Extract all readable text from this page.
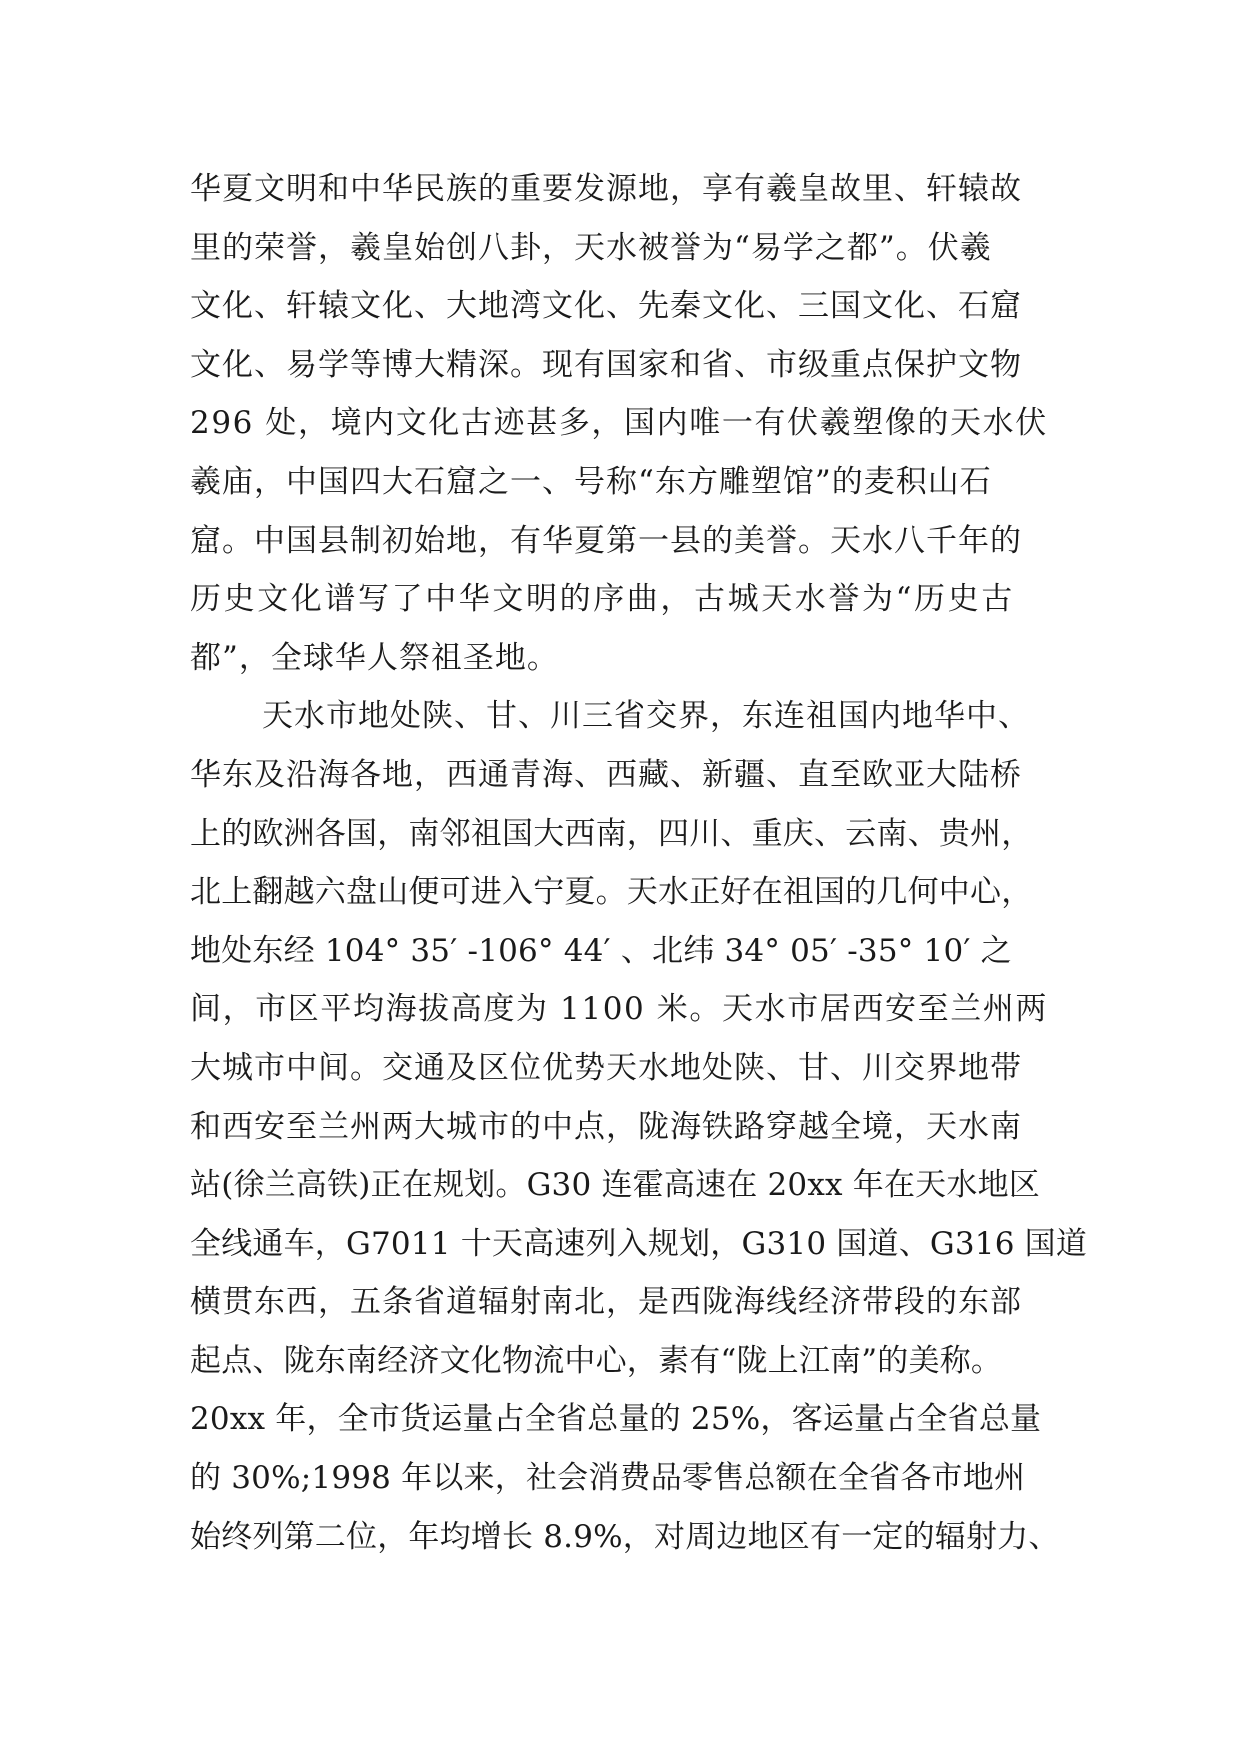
华夏文明和中华民族的重要发源地，享有羲皇故里、轩辕故
里的荣誉，羲皇始创八卦，天水被誉为“易学之都”。伏羲
文化、轩辕文化、大地湾文化、先秦文化、三国文化、石窟
文化、易学等博大精深。现有国家和省、市级重点保护文物
296 处，境内文化古迹甚多，国内唯一有伏羲塑像的天水伏
羲庙，中国四大石窟之一、号称“东方雕塑馆”的麦积山石
窟。中国县制初始地，有华夏第一县的美誉。天水八千年的
历史文化谱写了中华文明的序曲，古城天水誉为“历史古
都”，全球华人祭祖圣地。
天水市地处陕、甘、川三省交界，东连祖国内地华中、
华东及沿海各地，西通青海、西藏、新疆、直至欧亚大陆桥
上的欧洲各国，南邻祖国大西南，四川、重庆、云南、贵州，
北上翻越六盘山便可进入宁夏。天水正好在祖国的几何中心，
地处东经 104° 35′ -106° 44′ 、北纬 34° 05′ -35° 10′ 之
间，市区平均海拔高度为 1100 米。天水市居西安至兰州两
大城市中间。交通及区位优势天水地处陕、甘、川交界地带
和西安至兰州两大城市的中点，陇海铁路穿越全境，天水南
站(徐兰高铁)正在规划。G30 连霍高速在 20xx 年在天水地区
全线通车，G7011 十天高速列入规划，G310 国道、G316 国道
横贯东西，五条省道辐射南北，是西陇海线经济带段的东部
起点、陇东南经济文化物流中心，素有“陇上江南”的美称。
20xx 年，全市货运量占全省总量的 25%，客运量占全省总量
的 30%;1998 年以来，社会消费品零售总额在全省各市地州
始终列第二位，年均增长 8.9%，对周边地区有一定的辐射力、
